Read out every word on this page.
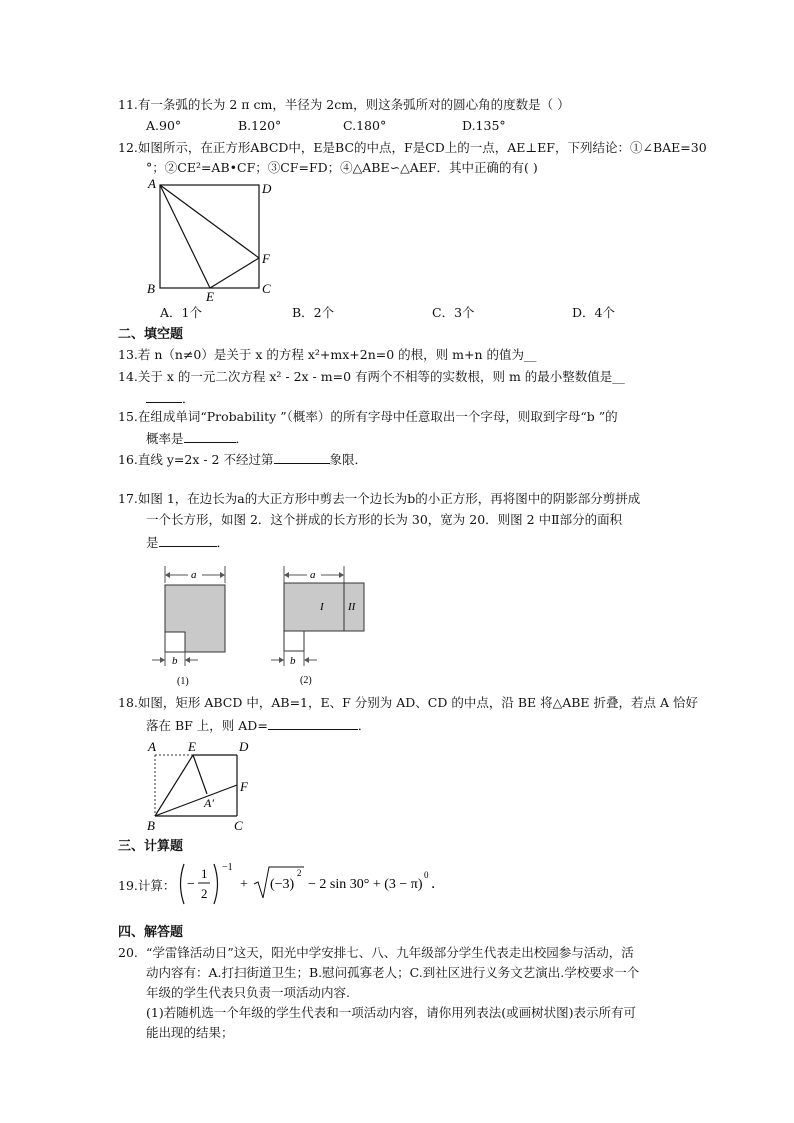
11.有一条弧的长为 2 π cm，半径为 2cm，则这条弧所对的圆心角的度数是（ ）
A.90°	B.120°	C.180°	D.135°
12.如图所示，在正方形ABCD中，E是BC的中点，F是CD上的一点，AE⊥EF，下列结论：①∠BAE=30
°；②CE²=AB•CF；③CF=FD；④△ABE∽△AEF．其中正确的有( )
A	D
F
B
E
C
A．1个	B．2个	C．3个	D．4个
二、填空题
13.若 n（n≠0）是关于 x 的方程 x²+mx+2n=0 的根，则 m+n 的值为__
14.关于 x 的一元二次方程 x² - 2x - m=0 有两个不相等的实数根，则 m 的最小整数值是__
．
15.在组成单词“Probability ”（概率）的所有字母中任意取出一个字母，则取到字母“b ”的
概率是	．
16.直线 y=2x - 2 不经过第	象限．
17.如图 1，在边长为a的大正方形中剪去一个边长为b的小正方形，再将图中的阴影部分剪拼成
一个长方形，如图 2．这个拼成的长方形的长为 30，宽为 20．则图 2 中Ⅱ部分的面积
是	．
a
b
(1)
a
I II
b
(2)
18.如图，矩形 ABCD 中，AB=1，E、F 分别为 AD、CD 的中点，沿 BE 将△ABE 折叠，若点 A 恰好
落在 BF 上，则 AD=	．
A E	D
F
A′
B	C
三、计算题
19.计算： −
1
2
−1
+ (−3)
2
− 2 sin 30° + (3 − π)
0
．
四、解答题
20. “学雷锋活动日”这天，阳光中学安排七、八、九年级部分学生代表走出校园参与活动，活
动内容有：A.打扫街道卫生；B.慰问孤寡老人；C.到社区进行义务文艺演出.学校要求一个
年级的学生代表只负责一项活动内容.
(1)若随机选一个年级的学生代表和一项活动内容，请你用列表法(或画树状图)表示所有可
能出现的结果；
